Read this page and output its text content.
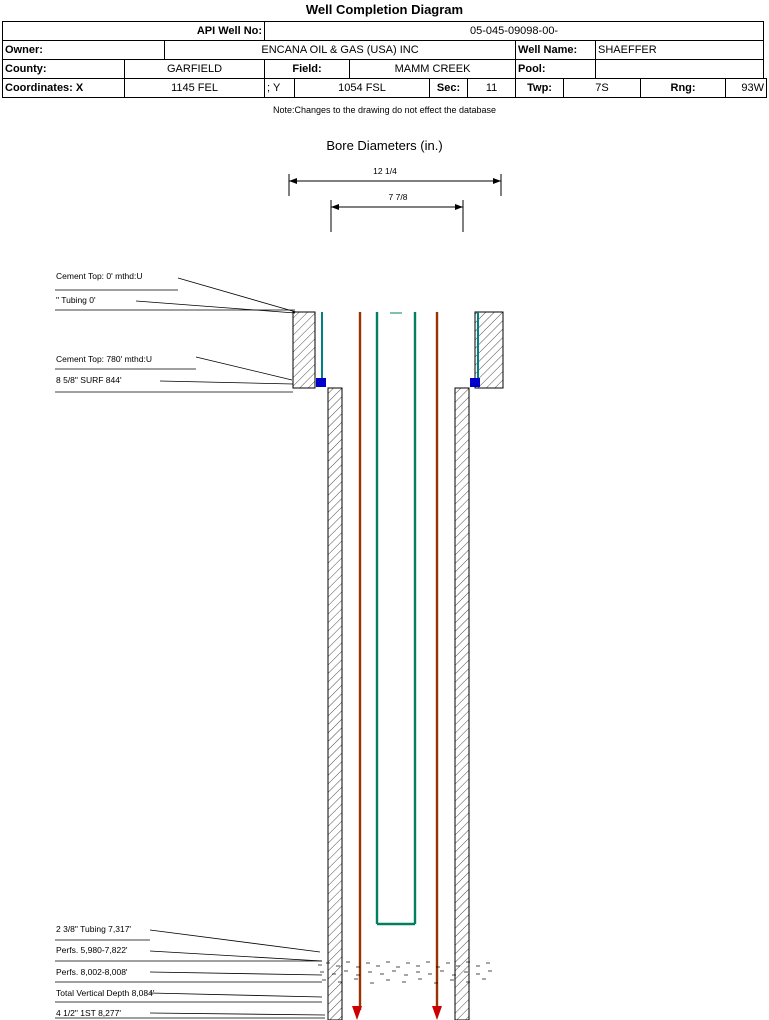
Well Completion Diagram
API Well No:			05-045-09098-00-									
Owner:		ENCANA OIL & GAS (USA) INC						Well Name:		SHAEFFER		
County:	GARFIELD		Field:		MAMM CREEK			Pool:				
Coordinates: X	1145 FEL		; Y	1054 FSL		Sec:	11	Twp:	7S		Rng:	93W
Note:Changes to the drawing do not effect the database
Bore Diameters (in.)
12 1/4
7 7/8
Cement Top: 0' mthd:U
" Tubing 0'
Cement Top: 780' mthd:U
8 5/8" SURF 844'
2 3/8" Tubing 7,317'
Perfs. 5,980-7,822'
Perfs. 8,002-8,008'
Total Vertical Depth 8,084'
4 1/2" 1ST 8,277'
